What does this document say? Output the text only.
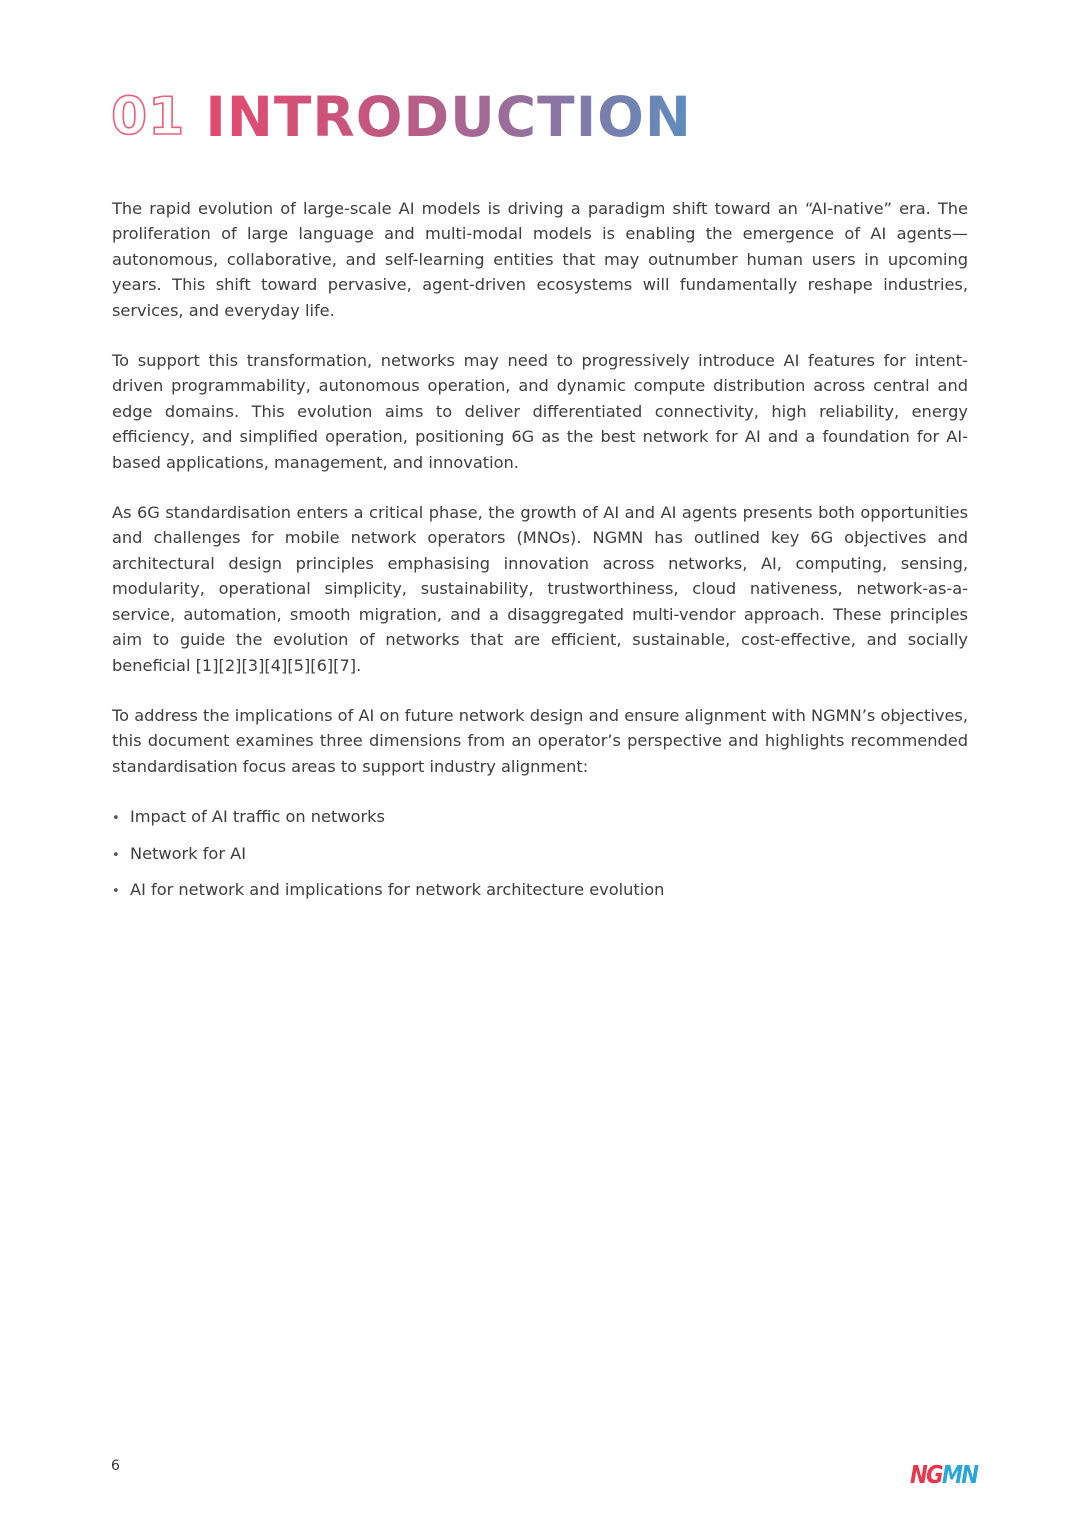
01 INTRODUCTION

The rapid evolution of large-scale AI models is driving a paradigm shift toward an “AI-native” era. The proliferation of large language and multi-modal models is enabling the emergence of AI agents—autonomous, collaborative, and self-learning entities that may outnumber human users in upcoming years. This shift toward pervasive, agent-driven ecosystems will fundamentally reshape industries, services, and everyday life.

To support this transformation, networks may need to progressively introduce AI features for intent-driven programmability, autonomous operation, and dynamic compute distribution across central and edge domains. This evolution aims to deliver differentiated connectivity, high reliability, energy efficiency, and simplified operation, positioning 6G as the best network for AI and a foundation for AI-based applications, management, and innovation.

As 6G standardisation enters a critical phase, the growth of AI and AI agents presents both opportunities and challenges for mobile network operators (MNOs). NGMN has outlined key 6G objectives and architectural design principles emphasising innovation across networks, AI, computing, sensing, modularity, operational simplicity, sustainability, trustworthiness, cloud nativeness, network-as-a-service, automation, smooth migration, and a disaggregated multi-vendor approach. These principles aim to guide the evolution of networks that are efficient, sustainable, cost-effective, and socially beneficial [1][2][3][4][5][6][7].

To address the implications of AI on future network design and ensure alignment with NGMN’s objectives, this document examines three dimensions from an operator’s perspective and highlights recommended standardisation focus areas to support industry alignment:

• Impact of AI traffic on networks
• Network for AI
• AI for network and implications for network architecture evolution
6	NGMN
